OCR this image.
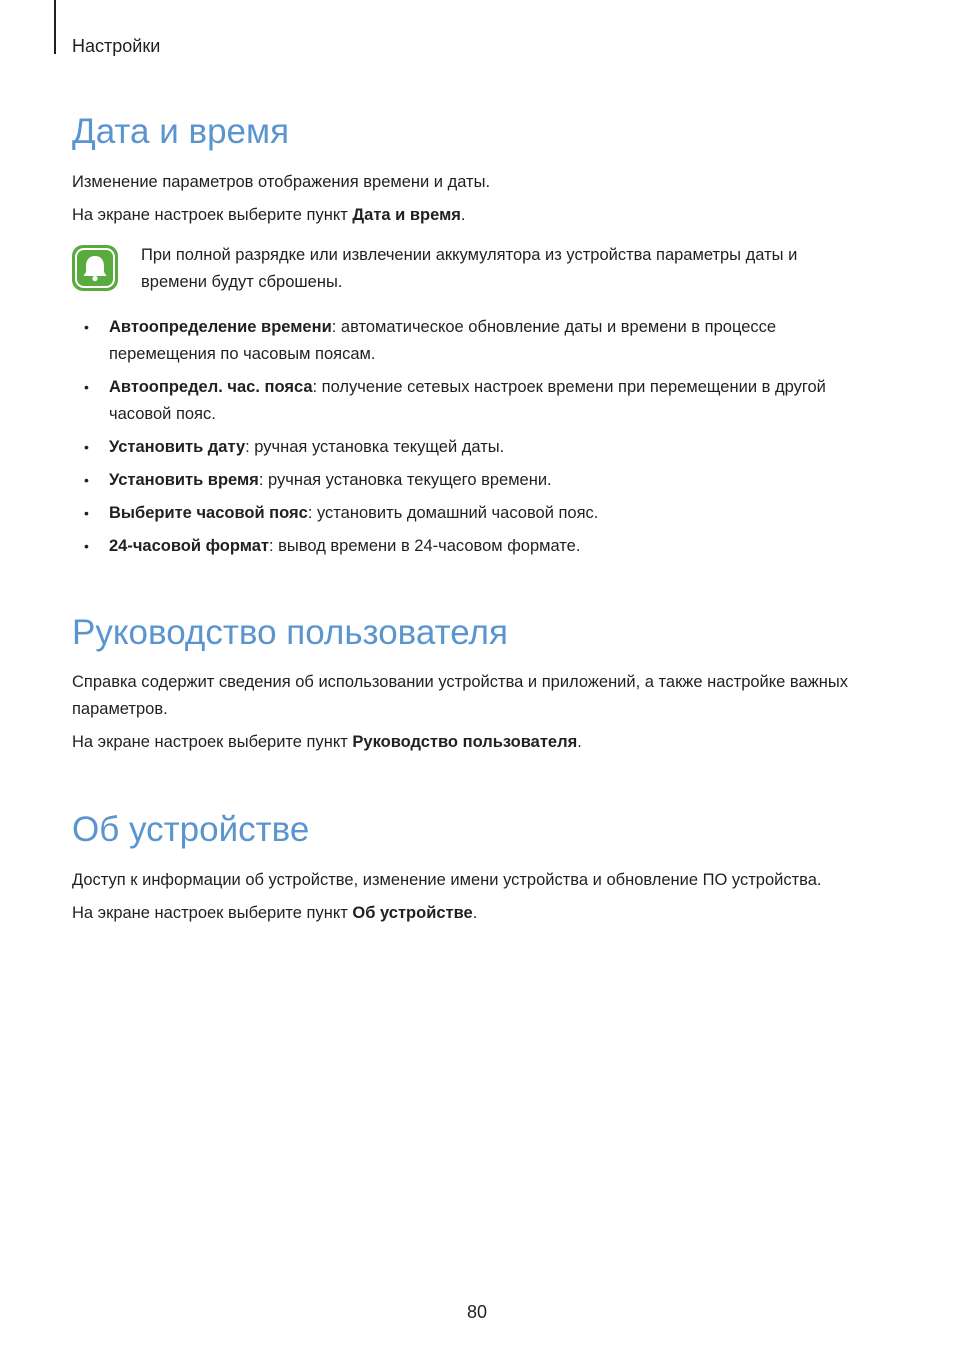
Настройки
Дата и время

Изменение параметров отображения времени и даты.

На экране настроек выберите пункт Дата и время.

При полной разрядке или извлечении аккумулятора из устройства параметры даты и времени будут сброшены.

• Автоопределение времени: автоматическое обновление даты и времени в процессе перемещения по часовым поясам.
• Автоопредел. час. пояса: получение сетевых настроек времени при перемещении в другой часовой пояс.
• Установить дату: ручная установка текущей даты.
• Установить время: ручная установка текущего времени.
• Выберите часовой пояс: установить домашний часовой пояс.
• 24-часовой формат: вывод времени в 24-часовом формате.
Руководство пользователя

Справка содержит сведения об использовании устройства и приложений, а также настройке важных параметров.

На экране настроек выберите пункт Руководство пользователя.

Об устройстве

Доступ к информации об устройстве, изменение имени устройства и обновление ПО устройства.

На экране настроек выберите пункт Об устройстве.

80
